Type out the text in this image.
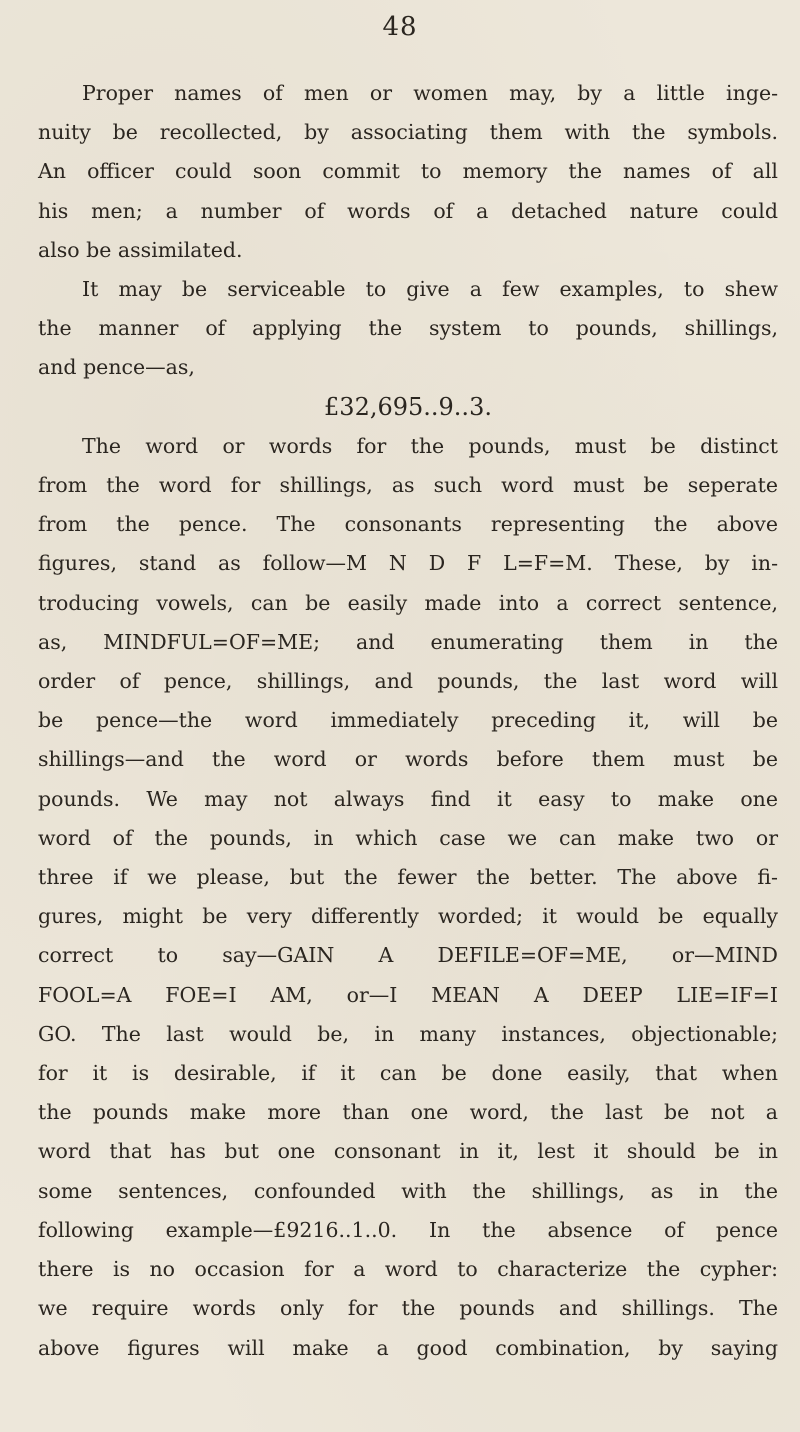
48
Proper names of men or women may, by a little inge-
nuity be recollected, by associating them with the symbols.
An officer could soon commit to memory the names of all
his men; a number of words of a detached nature could
also be assimilated.
It may be serviceable to give a few examples, to shew
the manner of applying the system to pounds, shillings,
and pence—as,
£32,695..9..3.
The word or words for the pounds, must be distinct
from the word for shillings, as such word must be seperate
from the pence. The consonants representing the above
figures, stand as follow—M N D F L=F=M. These, by in-
troducing vowels, can be easily made into a correct sentence,
as, MINDFUL=OF=ME; and enumerating them in the
order of pence, shillings, and pounds, the last word will
be pence—the word immediately preceding it, will be
shillings—and the word or words before them must be
pounds. We may not always find it easy to make one
word of the pounds, in which case we can make two or
three if we please, but the fewer the better. The above fi-
gures, might be very differently worded; it would be equally
correct to say—GAIN A DEFILE=OF=ME, or—MIND
FOOL=A FOE=I AM, or—I MEAN A DEEP LIE=IF=I
GO. The last would be, in many instances, objectionable;
for it is desirable, if it can be done easily, that when
the pounds make more than one word, the last be not a
word that has but one consonant in it, lest it should be in
some sentences, confounded with the shillings, as in the
following example—£9216..1..0. In the absence of pence
there is no occasion for a word to characterize the cypher:
we require words only for the pounds and shillings. The
above figures will make a good combination, by saying
